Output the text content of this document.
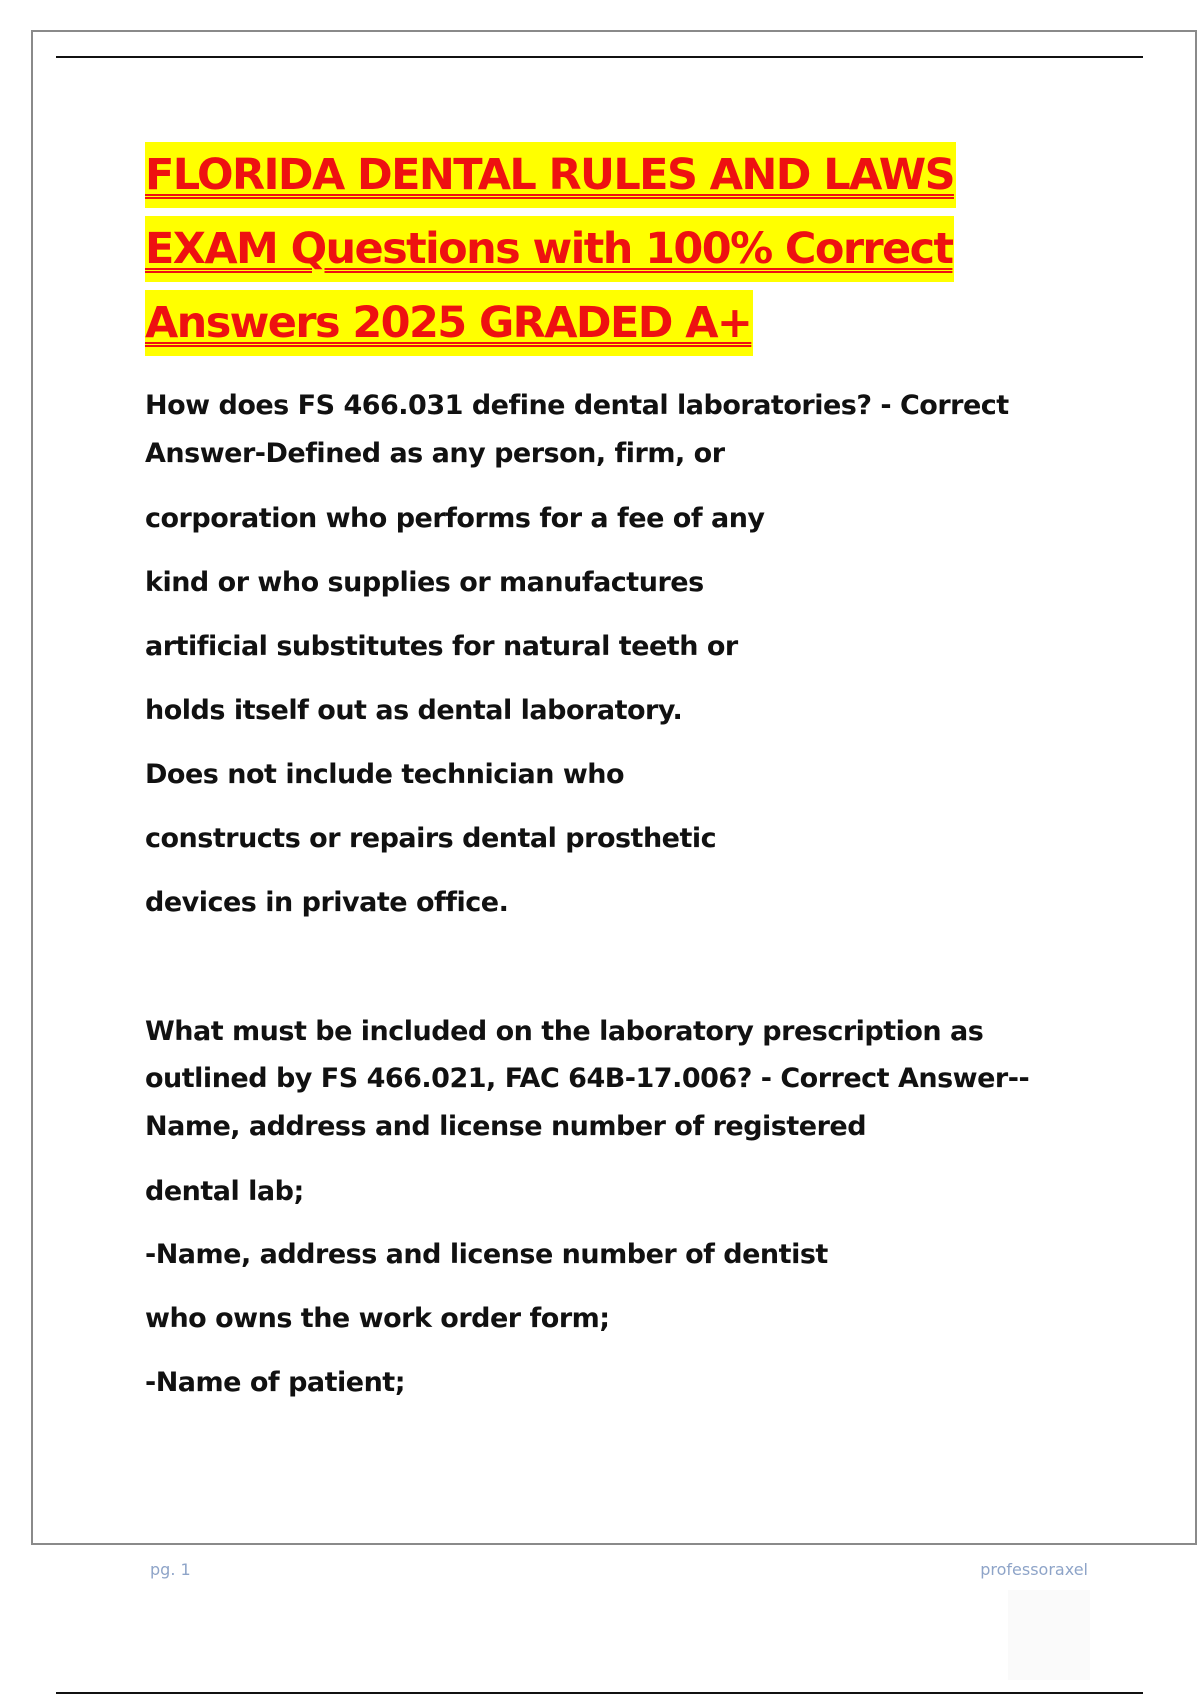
FLORIDA DENTAL RULES AND LAWS
EXAM Questions with 100% Correct
Answers 2025 GRADED A+
How does FS 466.031 define dental laboratories? - Correct
Answer-Defined as any person, firm, or
corporation who performs for a fee of any
kind or who supplies or manufactures
artificial substitutes for natural teeth or
holds itself out as dental laboratory.
Does not include technician who
constructs or repairs dental prosthetic
devices in private office.
What must be included on the laboratory prescription as
outlined by FS 466.021, FAC 64B-17.006? - Correct Answer--
Name, address and license number of registered
dental lab;
-Name, address and license number of dentist
who owns the work order form;
-Name of patient;
pg. 1	professoraxel
